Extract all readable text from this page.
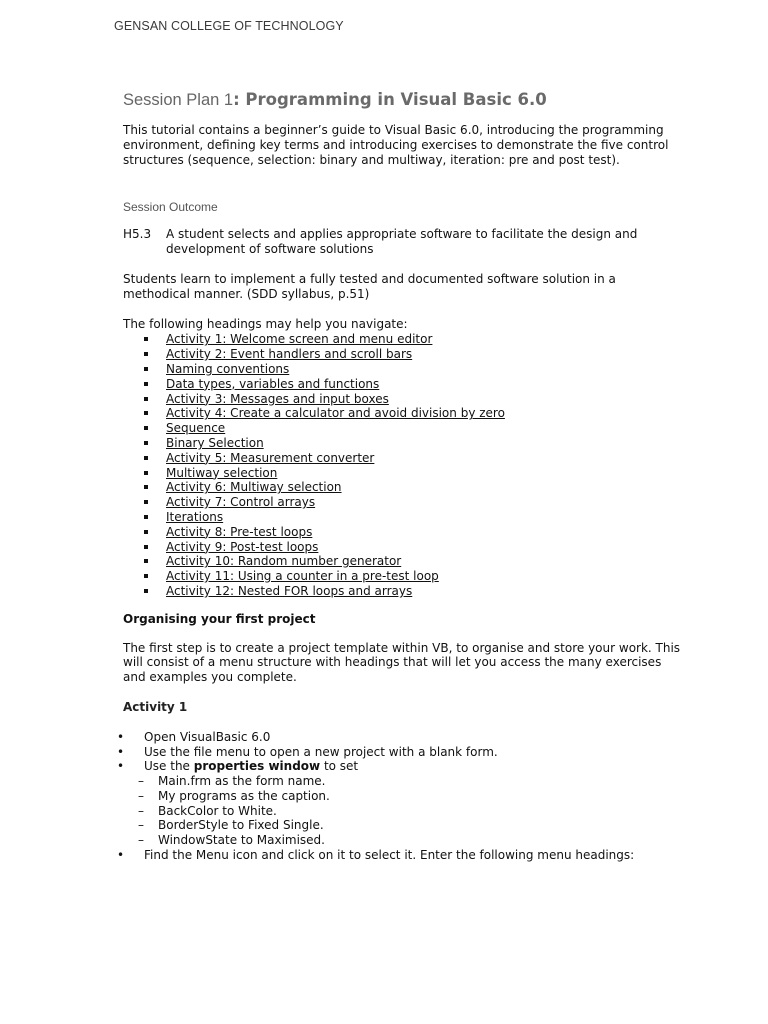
GENSAN COLLEGE OF TECHNOLOGY
Session Plan 1: Programming in Visual Basic 6.0

This tutorial contains a beginner’s guide to Visual Basic 6.0, introducing the programming environment, defining key terms and introducing exercises to demonstrate the five control structures (sequence, selection: binary and multiway, iteration: pre and post test).

Session Outcome
H5.3	A student selects and applies appropriate software to facilitate the design and development of software solutions

Students learn to implement a fully tested and documented software solution in a methodical manner. (SDD syllabus, p.51)

The following headings may help you navigate:

Activity 1: Welcome screen and menu editor
Activity 2: Event handlers and scroll bars
Naming conventions
Data types, variables and functions
Activity 3: Messages and input boxes
Activity 4: Create a calculator and avoid division by zero
Sequence
Binary Selection
Activity 5: Measurement converter
Multiway selection
Activity 6: Multiway selection
Activity 7: Control arrays
Iterations
Activity 8: Pre-test loops
Activity 9: Post-test loops
Activity 10: Random number generator
Activity 11: Using a counter in a pre-test loop
Activity 12: Nested FOR loops and arrays
Organising your first project

The first step is to create a project template within VB, to organise and store your work. This will consist of a menu structure with headings that will let you access the many exercises and examples you complete.

Activity 1
•	Open VisualBasic 6.0
•	Use the file menu to open a new project with a blank form.
•	Use the properties window to set
–	Main.frm as the form name.
–	My programs as the caption.
–	BackColor to White.
–	BorderStyle to Fixed Single.
–	WindowState to Maximised.
•	Find the Menu icon and click on it to select it. Enter the following menu headings:
